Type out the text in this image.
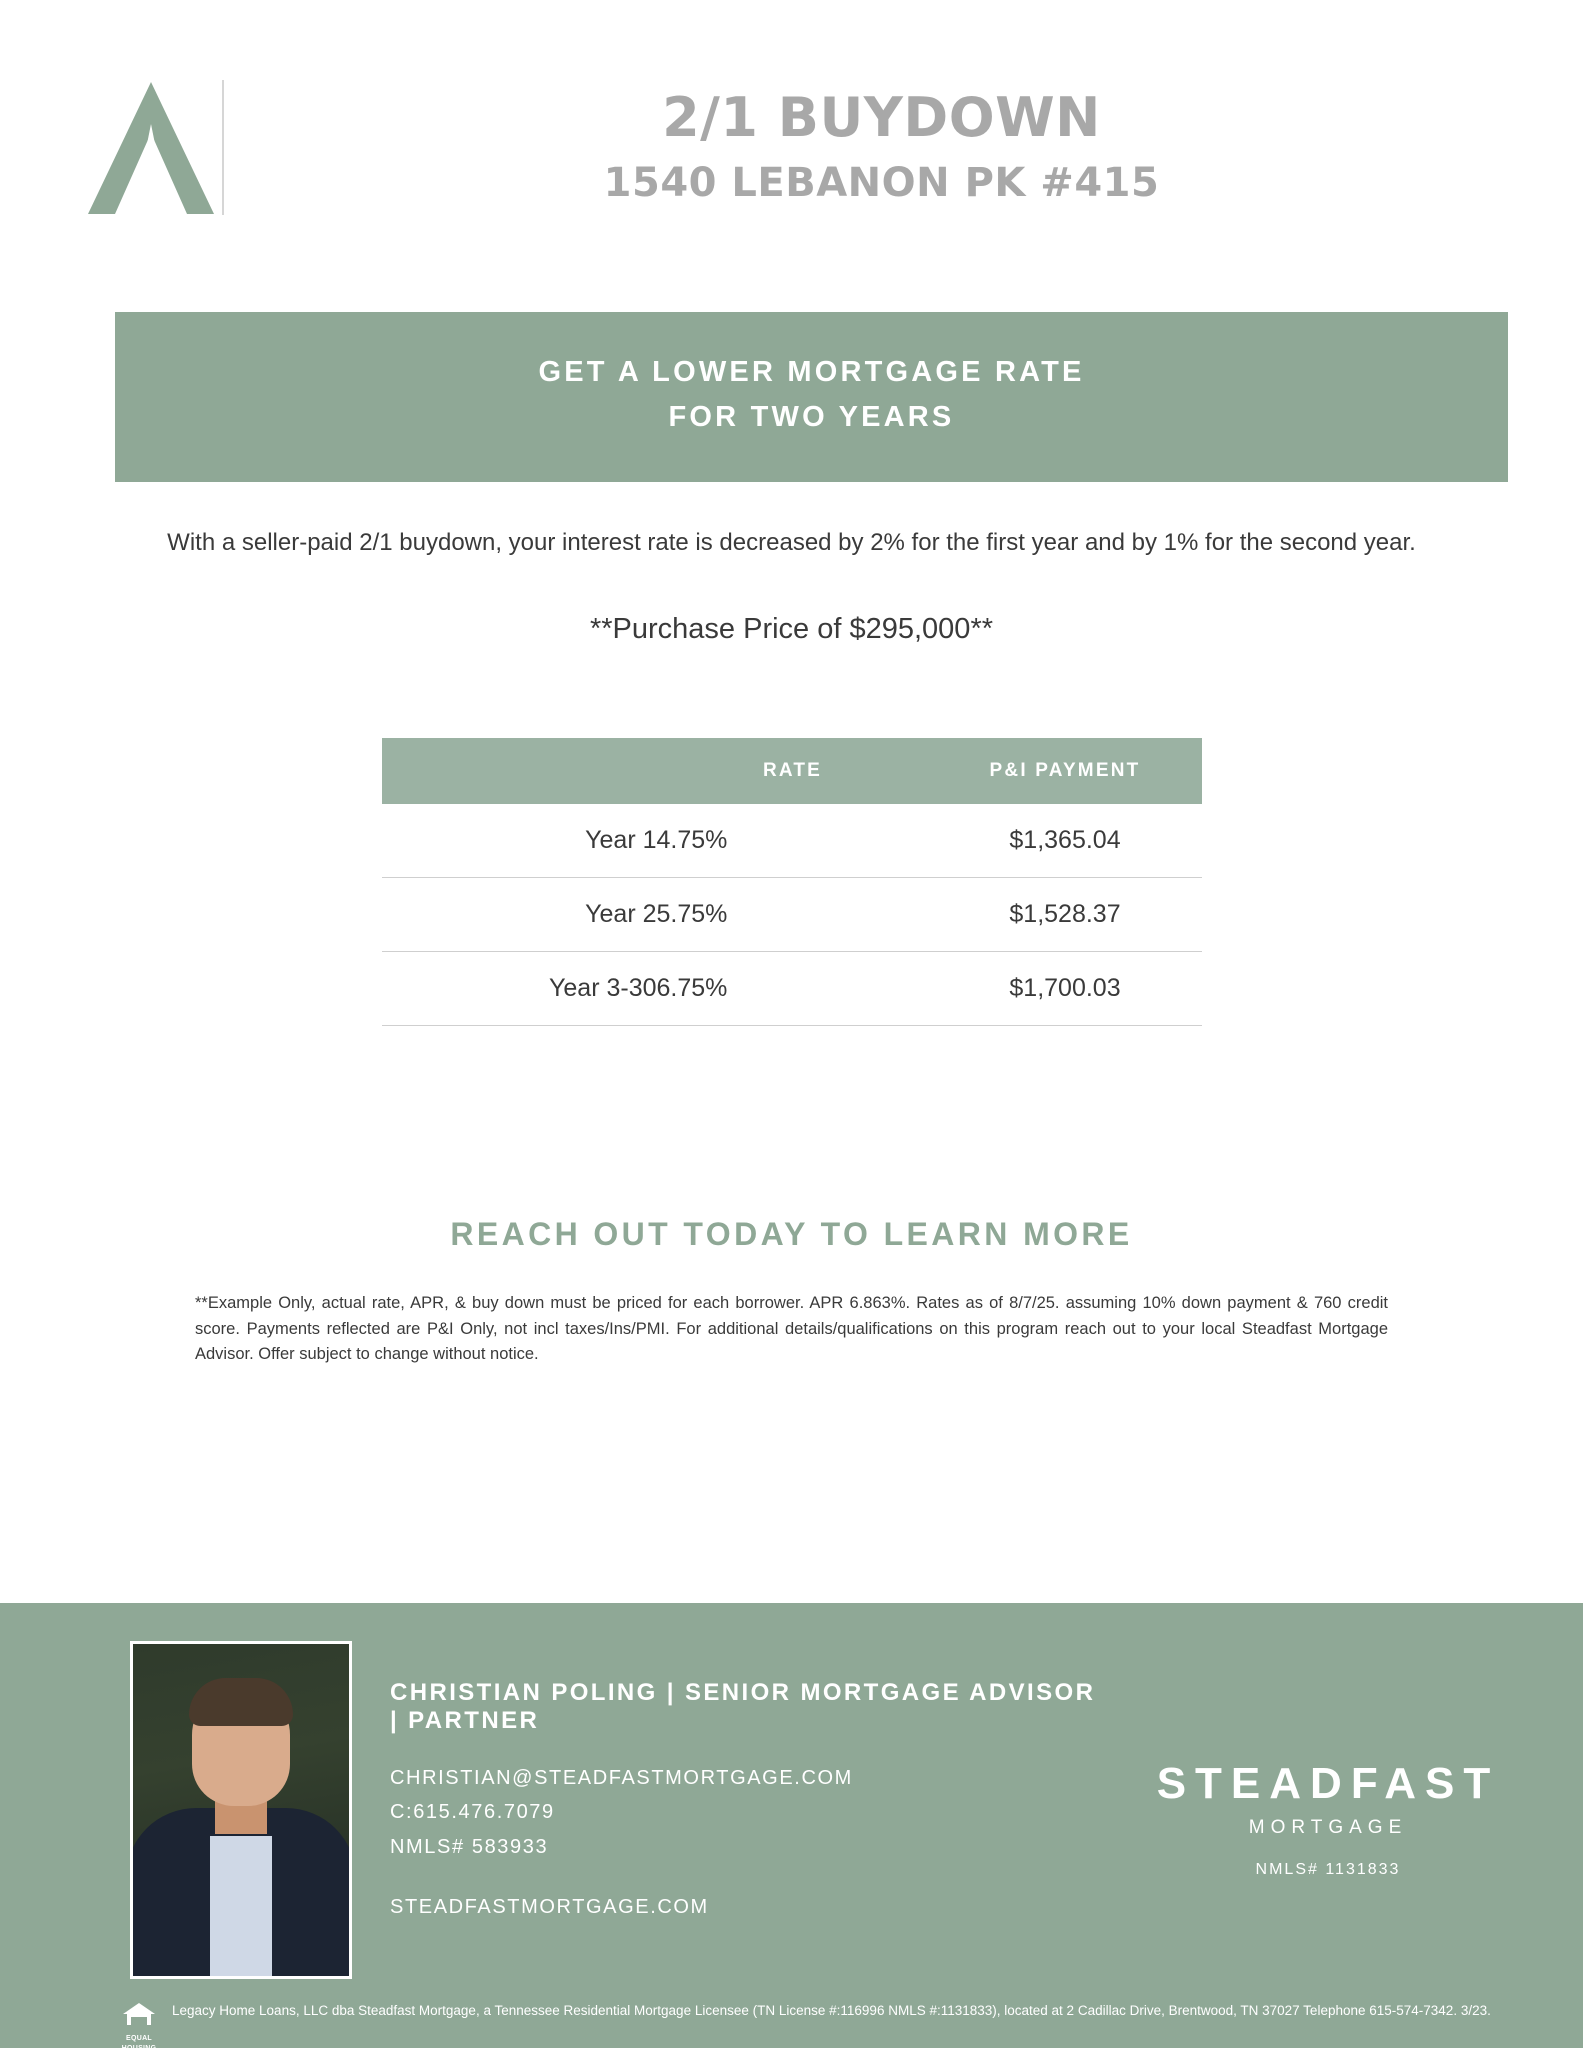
2/1 BUYDOWN
1540 LEBANON PK #415
GET A LOWER MORTGAGE RATE
FOR TWO YEARS
With a seller-paid 2/1 buydown, your interest rate is decreased by 2% for the first year and by 1% for the second year.
**Purchase Price of $295,000**
	RATE	P&I PAYMENT
Year 1	4.75%	$1,365.04
Year 2	5.75%	$1,528.37
Year 3-30	6.75%	$1,700.03
REACH OUT TODAY TO LEARN MORE
**Example Only, actual rate, APR, & buy down must be priced for each borrower. APR 6.863%. Rates as of 8/7/25. assuming 10% down payment & 760 credit score. Payments reflected are P&I Only, not incl taxes/Ins/PMI. For additional details/qualifications on this program reach out to your local Steadfast Mortgage Advisor. Offer subject to change without notice.
CHRISTIAN POLING | SENIOR MORTGAGE ADVISOR | PARTNER
CHRISTIAN@STEADFASTMORTGAGE.COM
C:615.476.7079
NMLS# 583933
STEADFASTMORTGAGE.COM
STEADFAST
MORTGAGE
NMLS# 1131833
EQUAL HOUSING
LENDER
Legacy Home Loans, LLC dba Steadfast Mortgage, a Tennessee Residential Mortgage Licensee (TN License #:116996 NMLS #:1131833), located at 2 Cadillac Drive, Brentwood, TN 37027 Telephone 615-574-7342. 3/23.
